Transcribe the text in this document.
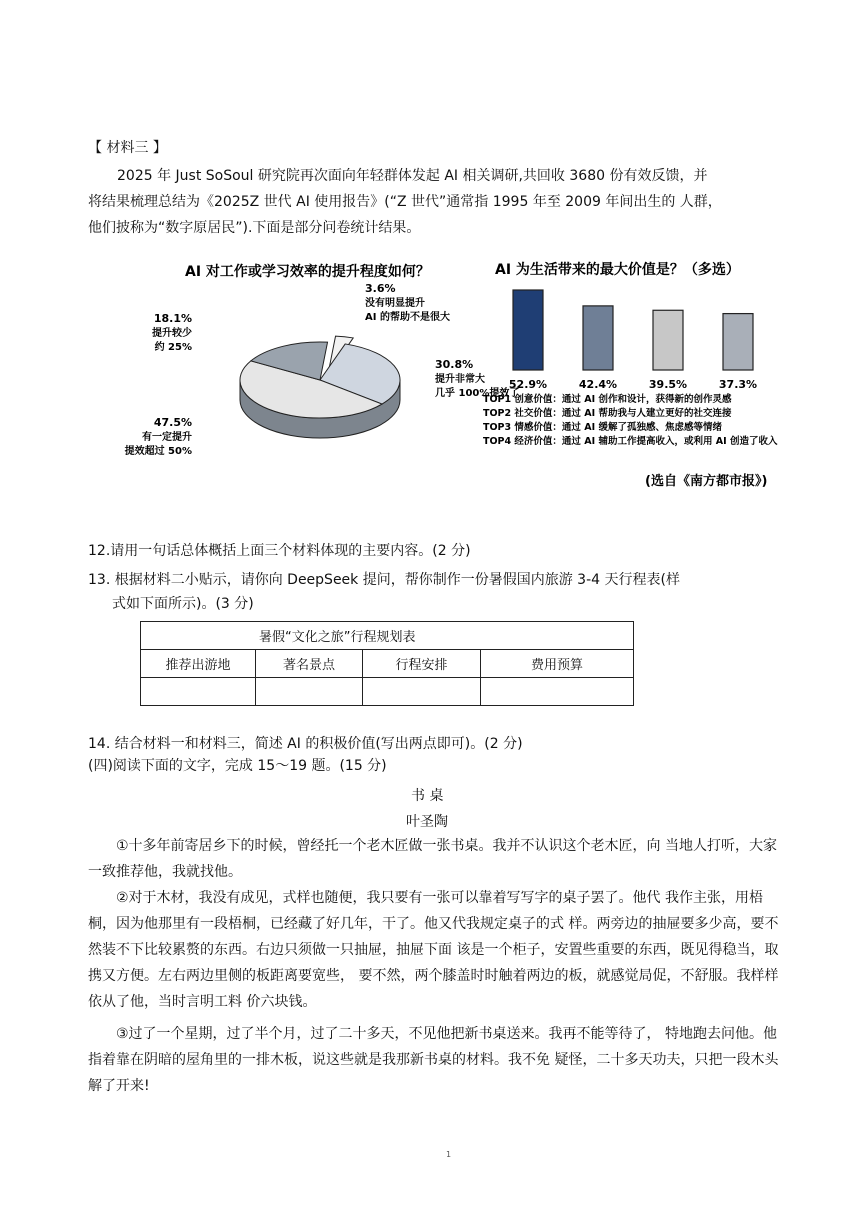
【 材料三 】
2025 年 Just SoSoul 研究院再次面向年轻群体发起 AI 相关调研,共回收 3680 份有效反馈，并
将结果梳理总结为《2025Z 世代 AI 使用报告》(“Z 世代”通常指 1995 年至 2009 年间出生的 人群，
他们披称为“数字原居民”).下面是部分问卷统计结果。
AI 对工作或学习效率的提升程度如何？
3.6%
没有明显提升
AI 的帮助不是很大
30.8%
提升非常大
几乎 100%提效了
47.5%
有一定提升
提效超过 50%
18.1%
提升较少
约 25%
AI 为生活带来的最大价值是？（多选）
52.9%	42.4%	39.5%	37.3%
TOP1 创意价值：通过 AI 创作和设计，获得新的创作灵感
TOP2 社交价值：通过 AI 帮助我与人建立更好的社交连接
TOP3 情感价值：通过 AI 缓解了孤独感、焦虑感等情绪
TOP4 经济价值：通过 AI 辅助工作提高收入，或利用 AI 创造了收入
(选自《南方都市报》)
12.请用一句话总体概括上面三个材料体现的主要内容。(2 分)
13. 根据材料二小贴示，请你向 DeepSeek 提问，帮你制作一份暑假国内旅游 3-4 天行程表(样
式如下面所示)。(3 分)
暑假“文化之旅”行程规划表			
推荐出游地	著名景点	行程安排	费用预算

14. 结合材料一和材料三，简述 AI 的积极价值(写出两点即可)。(2 分)
(四)阅读下面的文字，完成 15～19 题。(15 分)
书 桌
叶圣陶
①十多年前寄居乡下的时候，曾经托一个老木匠做一张书桌。我并不认识这个老木匠，向 当地人打听，大家一致推荐他，我就找他。
②对于木材，我没有成见，式样也随便，我只要有一张可以靠着写写字的桌子罢了。他代 我作主张，用梧桐，因为他那里有一段梧桐，已经藏了好几年，干了。他又代我规定桌子的式 样。两旁边的抽屉要多少高，要不然装不下比较累赘的东西。右边只须做一只抽屉，抽屉下面 该是一个柜子，安置些重要的东西，既见得稳当，取携又方便。左右两边里侧的板距离要宽些， 要不然，两个膝盖时时触着两边的板，就感觉局促，不舒服。我样样依从了他，当时言明工料 价六块钱。
③过了一个星期，过了半个月，过了二十多天，不见他把新书桌送来。我再不能等待了， 特地跑去问他。他指着靠在阴暗的屋角里的一排木板，说这些就是我那新书桌的材料。我不免 疑怪，二十多天功夫，只把一段木头解了开来!
1
